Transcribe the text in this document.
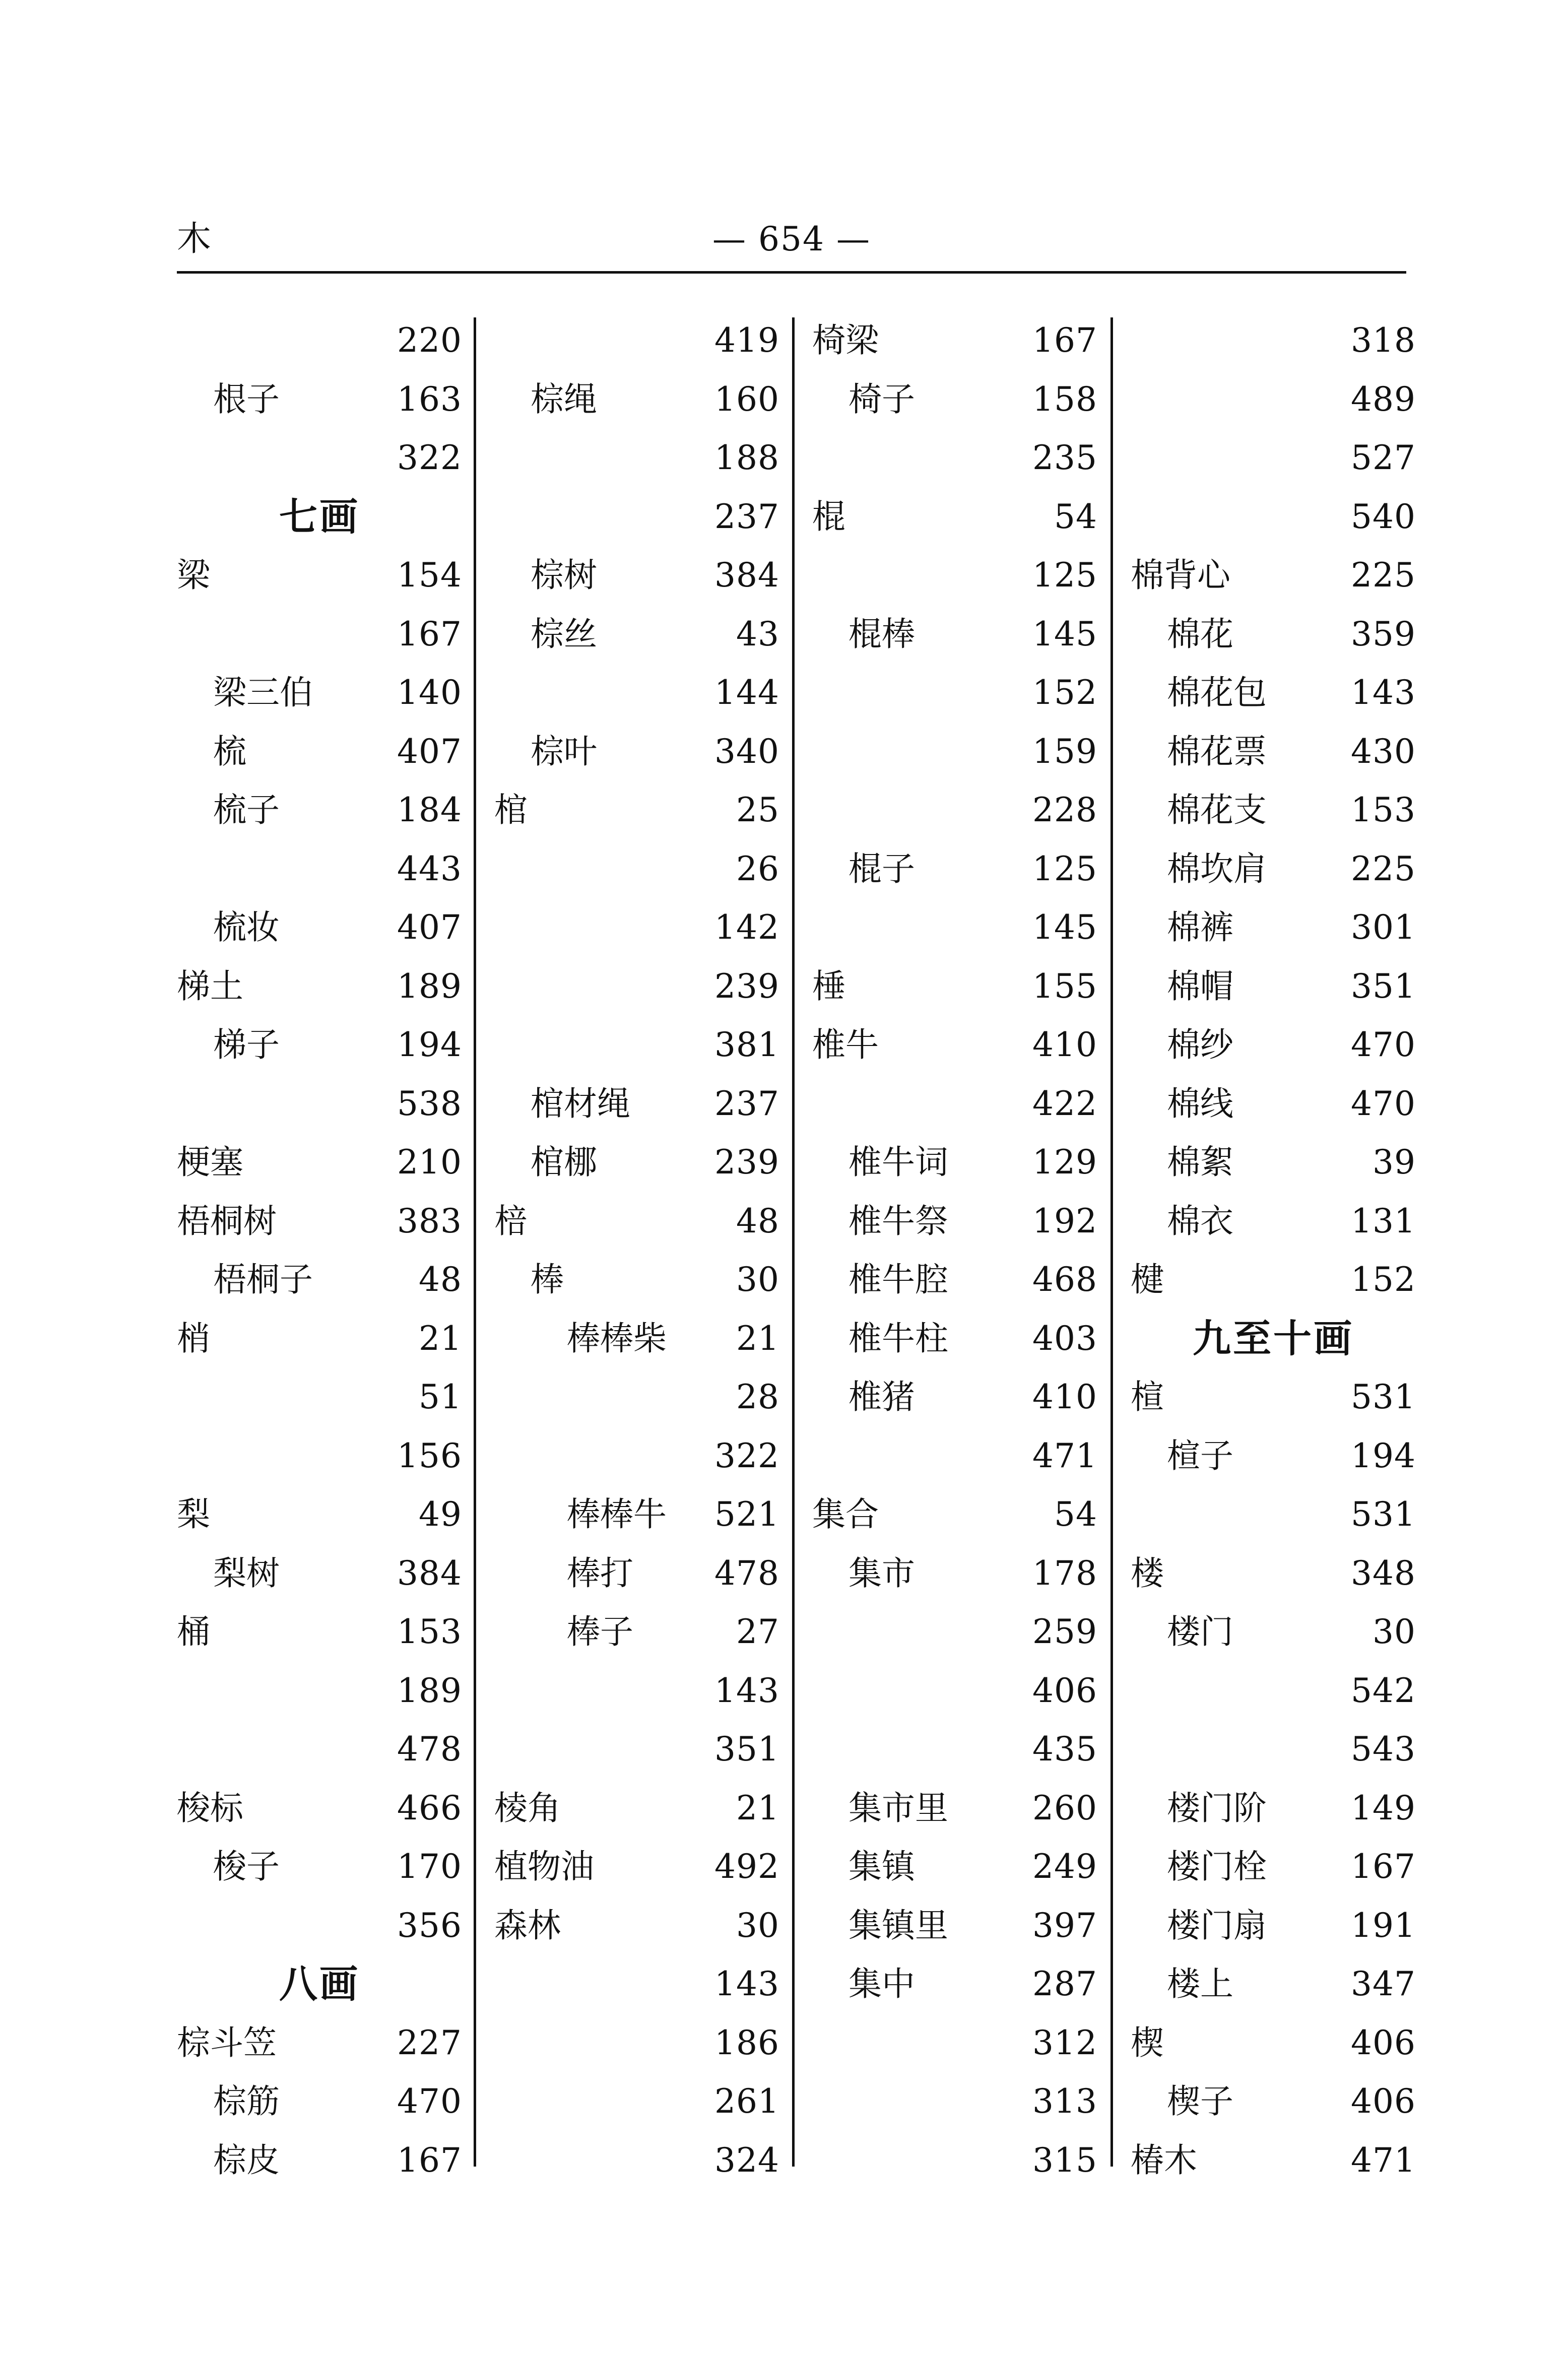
木	— 654 —
220
根子	163
322
七画
梁	154
167
梁三伯	140
梳	407
梳子	184
443
梳妆	407
梯土	189
梯子	194
538
梗塞	210
梧桐树	383
梧桐子	48
梢	21
51
156
梨	49
梨树	384
桶	153
189
478
梭标	466
梭子	170
356
八画
棕斗笠	227
棕筋	470
棕皮	167
419
棕绳	160
188
237
棕树	384
棕丝	43
144
棕叶	340
棺	25
26
142
239
381
棺材绳	237
棺梛	239
棓	48
棒	30
棒棒柴 21
28
322
棒棒牛 521
棒打 478
棒子	27
143
351
棱角	21
植物油	492
森林	30
143
186
261
324
椅梁	167
椅子	158
235
棍	54
125
棍棒	145
152
159
228
棍子	125
145
棰	155
椎牛	410
422
椎牛词	129
椎牛祭	192
椎牛腔	468
椎牛柱	403
椎猪	410
471
集合	54
集市	178
259
406
435
集市里	260
集镇	249
集镇里	397
集中	287
312
313
315
318
489
527
540
棉背心	225
棉花	359
棉花包	143
棉花票	430
棉花支	153
棉坎肩	225
棉裤	301
棉帽	351
棉纱	470
棉线	470
棉絮	39
棉衣	131
楗	152
九至十画
楦	531
楦子	194
531
楼	348
楼门	30
542
543
楼门阶	149
楼门栓	167
楼门扇	191
楼上	347
楔	406
楔子	406
椿木	471
